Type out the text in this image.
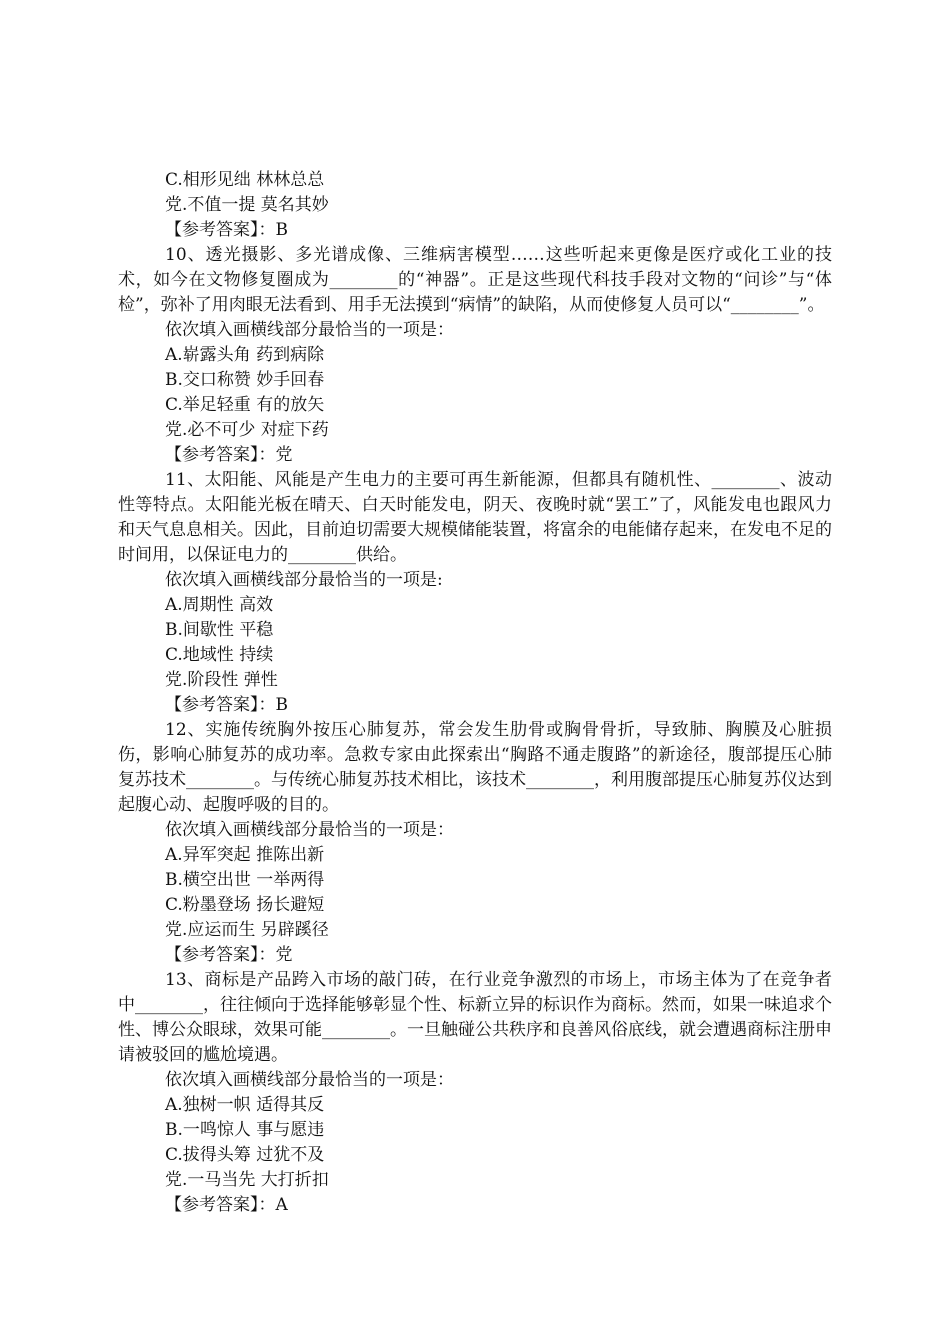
C.相形见绌 林林总总
党.不值一提 莫名其妙
【参考答案】：B
10、透光摄影、多光谱成像、三维病害模型……这些听起来更像是医疗或化工业的技术，如今在文物修复圈成为________的“神器”。正是这些现代科技手段对文物的“问诊”与“体检”，弥补了用肉眼无法看到、用手无法摸到“病情”的缺陷，从而使修复人员可以“________”。
依次填入画横线部分最恰当的一项是：
A.崭露头角 药到病除
B.交口称赞 妙手回春
C.举足轻重 有的放矢
党.必不可少 对症下药
【参考答案】：党
11、太阳能、风能是产生电力的主要可再生新能源，但都具有随机性、________、波动性等特点。太阳能光板在晴天、白天时能发电，阴天、夜晚时就“罢工”了，风能发电也跟风力和天气息息相关。因此，目前迫切需要大规模储能装置，将富余的电能储存起来，在发电不足的时间用，以保证电力的________供给。
依次填入画横线部分最恰当的一项是:
A.周期性 高效
B.间歇性 平稳
C.地域性 持续
党.阶段性 弹性
【参考答案】：B
12、实施传统胸外按压心肺复苏，常会发生肋骨或胸骨骨折，导致肺、胸膜及心脏损伤，影响心肺复苏的成功率。急救专家由此探索出“胸路不通走腹路”的新途径，腹部提压心肺复苏技术________。与传统心肺复苏技术相比，该技术________，利用腹部提压心肺复苏仪达到起腹心动、起腹呼吸的目的。
依次填入画横线部分最恰当的一项是：
A.异军突起 推陈出新
B.横空出世 一举两得
C.粉墨登场 扬长避短
党.应运而生 另辟蹊径
【参考答案】：党
13、商标是产品跨入市场的敲门砖，在行业竞争激烈的市场上，市场主体为了在竞争者中________，往往倾向于选择能够彰显个性、标新立异的标识作为商标。然而，如果一味追求个性、博公众眼球，效果可能________。一旦触碰公共秩序和良善风俗底线，就会遭遇商标注册申请被驳回的尴尬境遇。
依次填入画横线部分最恰当的一项是：
A.独树一帜 适得其反
B.一鸣惊人 事与愿违
C.拔得头筹 过犹不及
党.一马当先 大打折扣
【参考答案】：A
